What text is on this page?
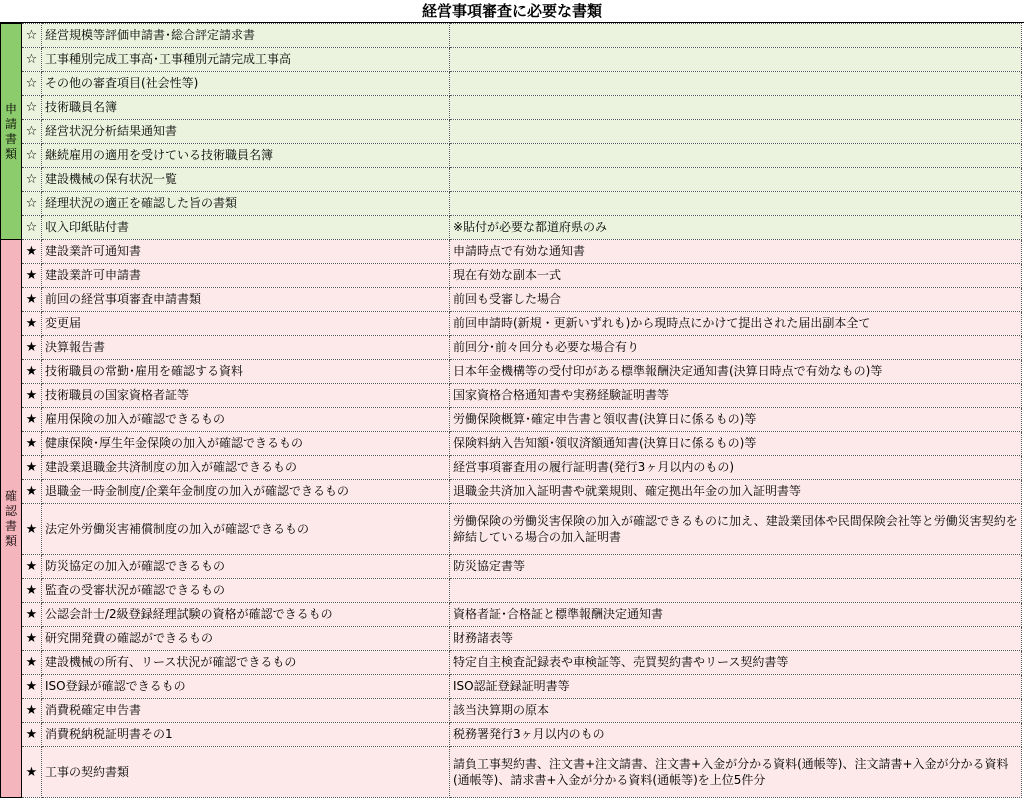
経営事項審査に必要な書類
申
請
書
類	☆	経営規模等評価申請書･総合評定請求書	
	☆	工事種別完成工事高･工事種別元請完成工事高	
	☆	その他の審査項目(社会性等)	
	☆	技術職員名簿	
	☆	経営状況分析結果通知書	
	☆	継続雇用の適用を受けている技術職員名簿	
	☆	建設機械の保有状況一覧	
	☆	経理状況の適正を確認した旨の書類	
	☆	収入印紙貼付書	※貼付が必要な都道府県のみ

確
認
書
類	★	建設業許可通知書	申請時点で有効な通知書
	★	建設業許可申請書	現在有効な副本一式
	★	前回の経営事項審査申請書類	前回も受審した場合
	★	変更届	前回申請時(新規・更新いずれも)から現時点にかけて提出された届出副本全て
	★	決算報告書	前回分･前々回分も必要な場合有り
	★	技術職員の常勤･雇用を確認する資料	日本年金機構等の受付印がある標準報酬決定通知書(決算日時点で有効なもの)等
	★	技術職員の国家資格者証等	国家資格合格通知書や実務経験証明書等
	★	雇用保険の加入が確認できるもの	労働保険概算･確定申告書と領収書(決算日に係るもの)等
	★	健康保険･厚生年金保険の加入が確認できるもの	保険料納入告知額･領収済額通知書(決算日に係るもの)等
	★	建設業退職金共済制度の加入が確認できるもの	経営事項審査用の履行証明書(発行3ヶ月以内のもの)
	★	退職金一時金制度/企業年金制度の加入が確認できるもの	退職金共済加入証明書や就業規則、確定拠出年金の加入証明書等
	★	法定外労働災害補償制度の加入が確認できるもの	労働保険の労働災害保険の加入が確認できるものに加え、建設業団体や民間保険会社等と労働災害契約を締結している場合の加入証明書
	★	防災協定の加入が確認できるもの	防災協定書等
	★	監査の受審状況が確認できるもの	
	★	公認会計士/2級登録経理試験の資格が確認できるもの	資格者証･合格証と標準報酬決定通知書
	★	研究開発費の確認ができるもの	財務諸表等
	★	建設機械の所有、リース状況が確認できるもの	特定自主検査記録表や車検証等、売買契約書やリース契約書等
	★	ISO登録が確認できるもの	ISO認証登録証明書等
	★	消費税確定申告書	該当決算期の原本
	★	消費税納税証明書その1	税務署発行3ヶ月以内のもの
	★	工事の契約書類	請負工事契約書、注文書+注文請書、注文書+入金が分かる資料(通帳等)、注文請書+入金が分かる資料(通帳等)、請求書+入金が分かる資料(通帳等)を上位5件分
